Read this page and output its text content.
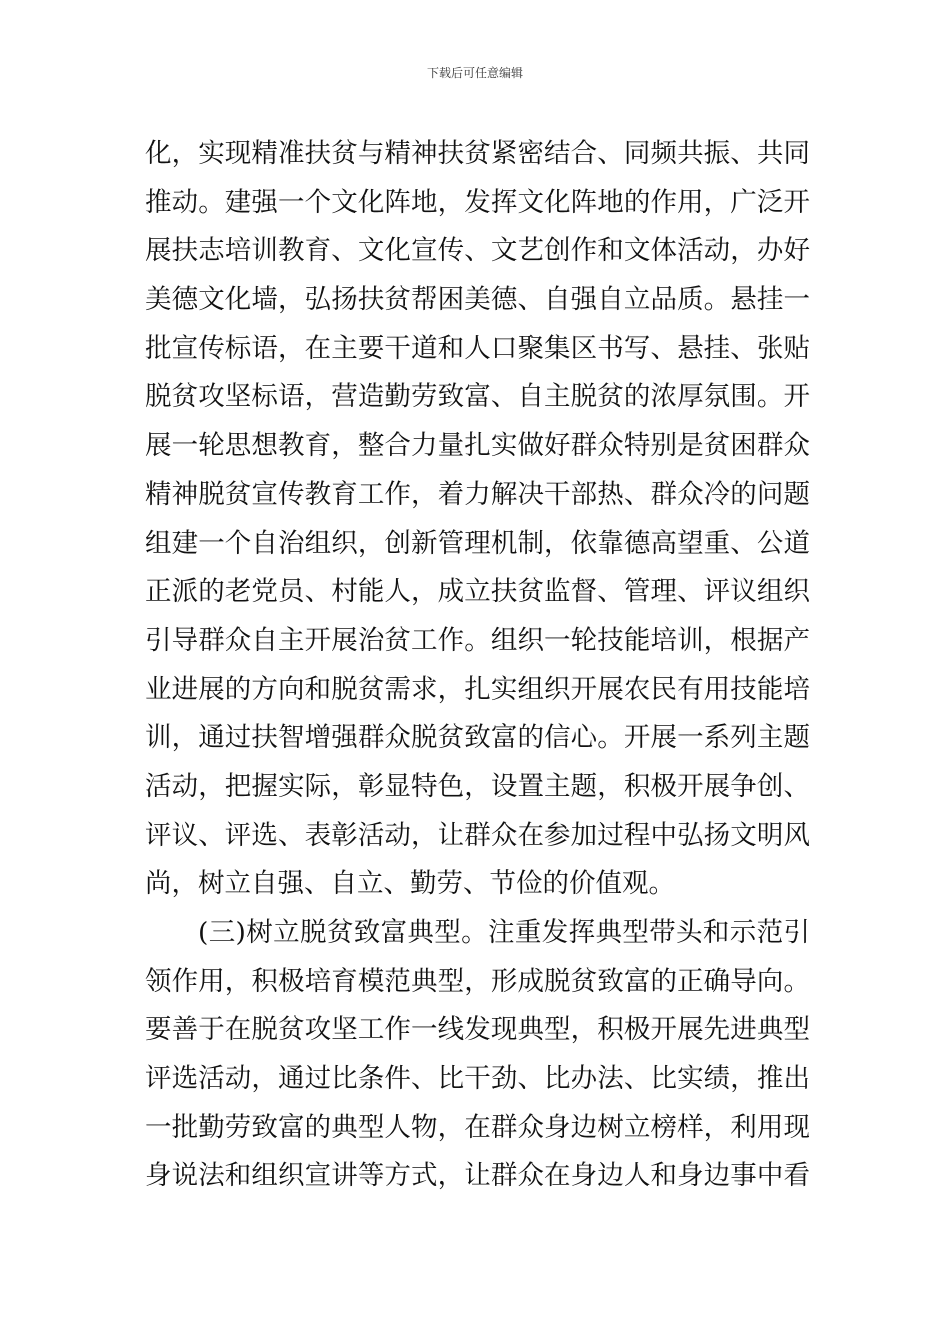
下载后可任意编辑
化，实现精准扶贫与精神扶贫紧密结合、同频共振、共同
推动。建强一个文化阵地，发挥文化阵地的作用，广泛开
展扶志培训教育、文化宣传、文艺创作和文体活动，办好
美德文化墙，弘扬扶贫帮困美德、自强自立品质。悬挂一
批宣传标语，在主要干道和人口聚集区书写、悬挂、张贴
脱贫攻坚标语，营造勤劳致富、自主脱贫的浓厚氛围。开
展一轮思想教育，整合力量扎实做好群众特别是贫困群众
精神脱贫宣传教育工作，着力解决干部热、群众冷的问题
组建一个自治组织，创新管理机制，依靠德高望重、公道
正派的老党员、村能人，成立扶贫监督、管理、评议组织
引导群众自主开展治贫工作。组织一轮技能培训，根据产
业进展的方向和脱贫需求，扎实组织开展农民有用技能培
训，通过扶智增强群众脱贫致富的信心。开展一系列主题
活动，把握实际，彰显特色，设置主题，积极开展争创、
评议、评选、表彰活动，让群众在参加过程中弘扬文明风
尚，树立自强、自立、勤劳、节俭的价值观。
(三)树立脱贫致富典型。注重发挥典型带头和示范引
领作用，积极培育模范典型，形成脱贫致富的正确导向。
要善于在脱贫攻坚工作一线发现典型，积极开展先进典型
评选活动，通过比条件、比干劲、比办法、比实绩，推出
一批勤劳致富的典型人物，在群众身边树立榜样，利用现
身说法和组织宣讲等方式，让群众在身边人和身边事中看
